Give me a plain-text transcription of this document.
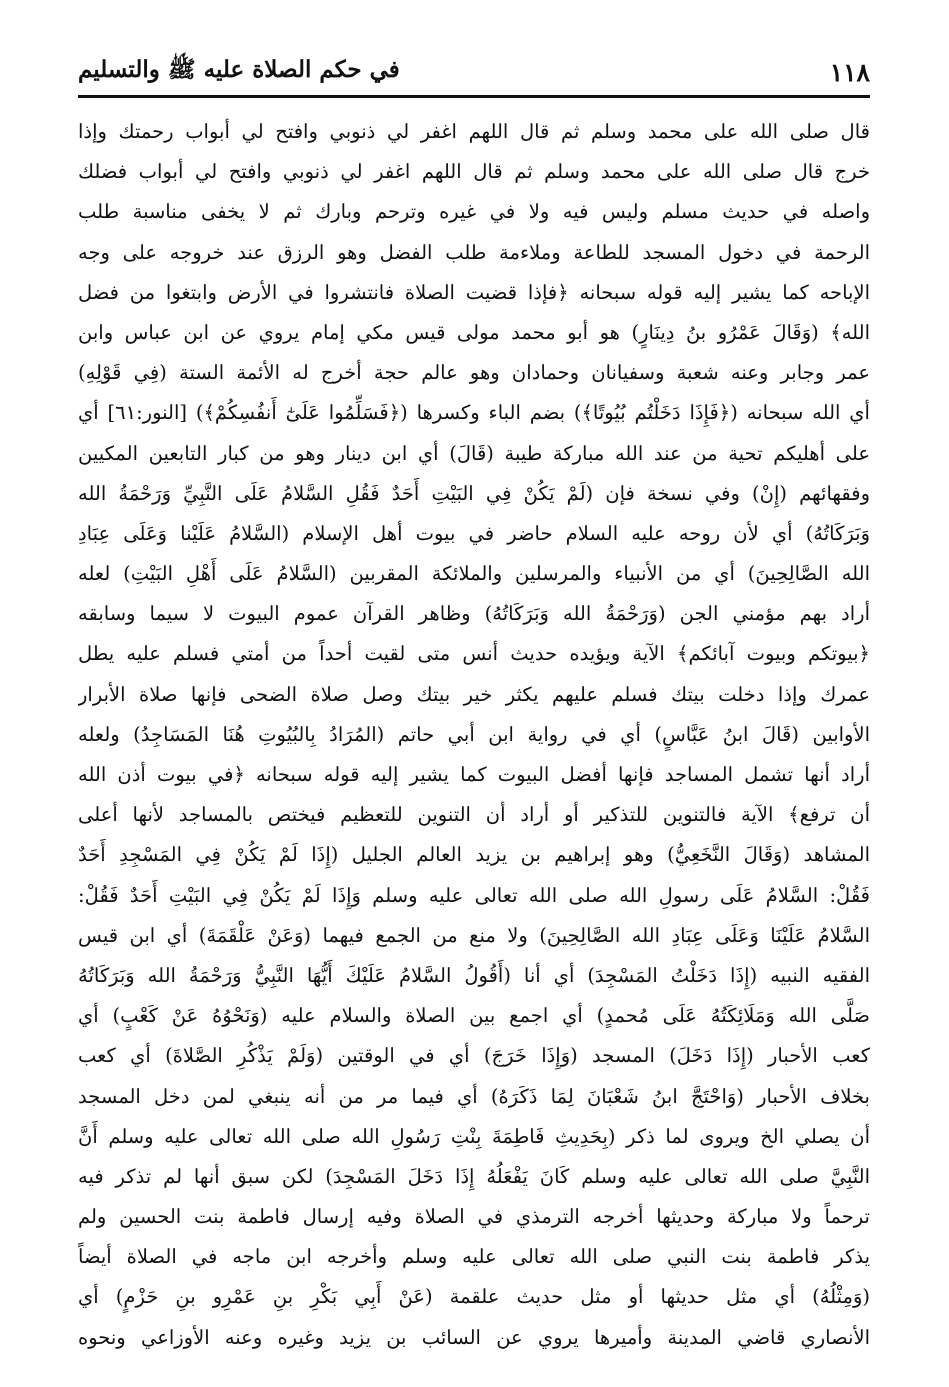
١١٨
في حكم الصلاة عليه ﷺ والتسليم
قال صلى الله على محمد وسلم ثم قال اللهم اغفر لي ذنوبي وافتح لي أبواب رحمتك وإذا
خرج قال صلى الله على محمد وسلم ثم قال اللهم اغفر لي ذنوبي وافتح لي أبواب فضلك
واصله في حديث مسلم وليس فيه ولا في غيره وترحم وبارك ثم لا يخفى مناسبة طلب
الرحمة في دخول المسجد للطاعة وملاءمة طلب الفضل وهو الرزق عند خروجه على وجه
الإباحه كما يشير إليه قوله سبحانه ﴿فإذا قضيت الصلاة فانتشروا في الأرض وابتغوا من فضل
الله﴾ (وَقَالَ عَمْرُو بنُ دِينَارٍ) هو أبو محمد مولى قيس مكي إمام يروي عن ابن عباس وابن
عمر وجابر وعنه شعبة وسفيانان وحمادان وهو عالم حجة أخرج له الأئمة الستة (فِي قَوْلِهِ)
أي الله سبحانه (﴿فَإِذَا دَخَلْتُم بُيُوتًا﴾) بضم الباء وكسرها (﴿فَسَلِّمُوا عَلَىٰٓ أَنفُسِكُمْ﴾) [النور:٦١] أي
على أهليكم تحية من عند الله مباركة طيبة (قَالَ) أي ابن دينار وهو من كبار التابعين المكيين
وفقهائهم (إِنْ) وفي نسخة فإن (لَمْ يَكُنْ فِي البَيْتِ أَحَدٌ فَقُلِ السَّلامُ عَلَى النَّبِيِّ وَرَحْمَةُ الله
وَبَرَكَاتُهُ) أي لأن روحه عليه السلام حاضر في بيوت أهل الإسلام (السَّلامُ عَلَيْنا وَعَلَى عِبَادِ
الله الصَّالِحِينَ) أي من الأنبياء والمرسلين والملائكة المقربين (السَّلامُ عَلَى أَهْلِ البَيْتِ) لعله
أراد بهم مؤمني الجن (وَرَحْمَةُ الله وَبَرَكَاتُهُ) وظاهر القرآن عموم البيوت لا سيما وسابقه
﴿بيوتكم وبيوت آبائكم﴾ الآية ويؤيده حديث أنس متى لقيت أحداً من أمتي فسلم عليه يطل
عمرك وإذا دخلت بيتك فسلم عليهم يكثر خير بيتك وصل صلاة الضحى فإنها صلاة الأبرار
الأوابين (قَالَ ابنُ عَبَّاسٍ) أي في رواية ابن أبي حاتم (المُرَادُ بِالبُيُوتِ هُنَا المَسَاجِدُ) ولعله
أراد أنها تشمل المساجد فإنها أفضل البيوت كما يشير إليه قوله سبحانه ﴿في بيوت أذن الله
أن ترفع﴾ الآية فالتنوين للتذكير أو أراد أن التنوين للتعظيم فيختص بالمساجد لأنها أعلى
المشاهد (وَقَالَ النَّخَعِيُّ) وهو إبراهيم بن يزيد العالم الجليل (إِذَا لَمْ يَكُنْ فِي المَسْجِدِ أَحَدٌ
فَقُلْ: السَّلامُ عَلَى رسولِ الله صلى الله تعالى عليه وسلم وَإِذَا لَمْ يَكُنْ فِي البَيْتِ أَحَدٌ فَقُلْ:
السَّلامُ عَلَيْنَا وَعَلَى عِبَادِ الله الصَّالِحِينَ) ولا منع من الجمع فيهما (وَعَنْ عَلْقَمَةَ) أي ابن قيس
الفقيه النبيه (إِذَا دَخَلْتُ المَسْجِدَ) أي أنا (أَقُولُ السَّلامُ عَلَيْكَ أَيُّهَا النَّبِيُّ وَرَحْمَةُ الله وَبَرَكَاتُهُ
صَلَّى الله وَمَلَائِكَتُهُ عَلَى مُحمدٍ) أي اجمع بين الصلاة والسلام عليه (وَنَحْوُهُ عَنْ كَعْبٍ) أي
كعب الأحبار (إِذَا دَخَلَ) المسجد (وَإِذَا خَرَجَ) أي في الوقتين (وَلَمْ يَذْكُرِ الصَّلاةَ) أي كعب
بخلاف الأحبار (وَاحْتَجَّ ابنُ شَعْبَانَ لِمَا ذَكَرَهُ) أي فيما مر من أنه ينبغي لمن دخل المسجد
أن يصلي الخ ويروى لما ذكر (بِحَدِيثِ فَاطِمَةَ بِنْتِ رَسُولِ الله صلى الله تعالى عليه وسلم أَنَّ
النَّبِيَّ صلى الله تعالى عليه وسلم كَانَ يَفْعَلُهُ إِذَا دَخَلَ المَسْجِدَ) لكن سبق أنها لم تذكر فيه
ترحماً ولا مباركة وحديثها أخرجه الترمذي في الصلاة وفيه إرسال فاطمة بنت الحسين ولم
يذكر فاطمة بنت النبي صلى الله تعالى عليه وسلم وأخرجه ابن ماجه في الصلاة أيضاً
(وَمِثْلُهُ) أي مثل حديثها أو مثل حديث علقمة (عَنْ أَبِي بَكْرِ بنِ عَمْرِو بنِ حَزْمٍ) أي
الأنصاري قاضي المدينة وأميرها يروي عن السائب بن يزيد وغيره وعنه الأوزاعي ونحوه
